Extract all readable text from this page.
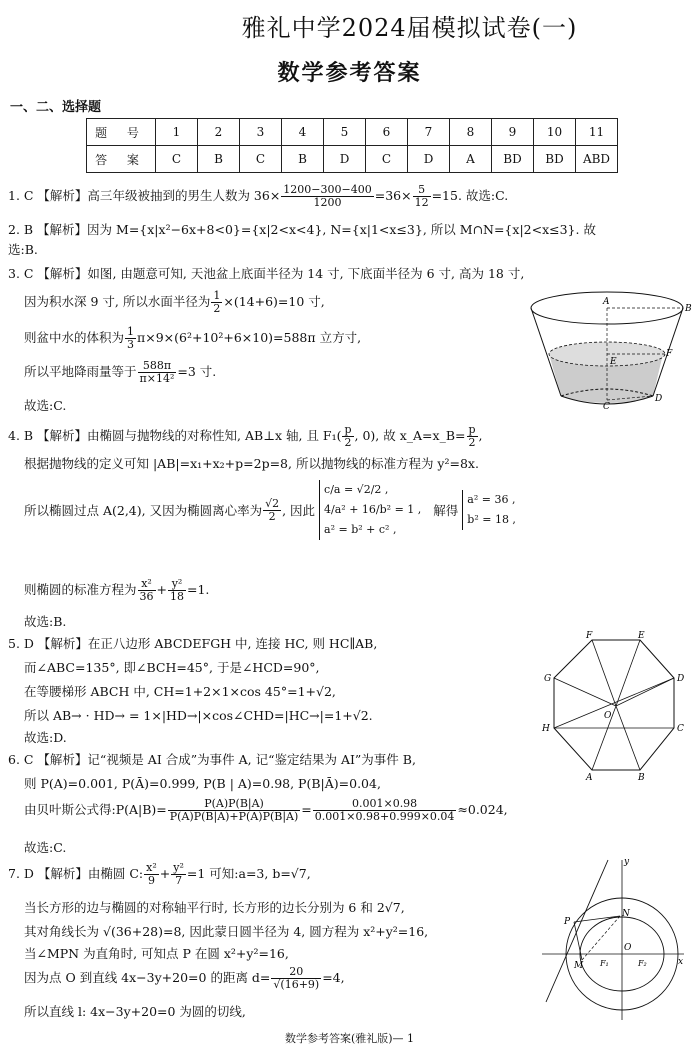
雅礼中学2024届模拟试卷(一)
数学参考答案
一、二、选择题
题 号	1	2	3	4	5	6	7	8	9	10	11
答 案	C	B	C	B	D	C	D	A	BD	BD	ABD
1. C 【解析】高三年级被抽到的男生人数为 $36\times \frac{1200-300-400}{1200} =36\times \frac{5}{12} =15$. 故选:C.
2. B 【解析】因为 M={x|x²−6x+8<0}={x|2<x<4}, N={x|1<x≤3}, 所以 M∩N={x|2<x≤3}. 故
选:B.
3. C 【解析】如图, 由题意可知, 天池盆上底面半径为 14 寸, 下底面半径为 6 寸, 高为 18 寸,
因为积水深 9 寸, 所以水面半径为 $\frac{1}{2} \times(14+6)=10$ 寸,
则盆中水的体积为 $\frac{1}{3} \pi\times 9\times(6^2+10^2+6\times 10)=588\pi$ 立方寸,
所以平地降雨量等于 $\frac{588\pi}{\text{π×14²}} =3$ 寸.
故选:C.
A
B
E
F
C
D
4. B 【解析】由椭圆与抛物线的对称性知, AB⊥x 轴, 且 $F_1( \frac{p}{2}$ , 0), 故 x_A=x_B= $\frac{p}{2}$ ,
根据抛物线的定义可知 |AB|=x₁+x₂+p=2p=8, 所以抛物线的标准方程为 y²=8x.
所以椭圆过点 A(2,4), 又因为椭圆离心率为 $\frac{√2}{2}$ , 因此
c/a = √2/2 ,
4/a² + 16/b² = 1 ,
a² = b² + c² ,
解得
a² = 36 ,
b² = 18 ,
则椭圆的标准方程为 $\frac{\text{x²}}{36} + \frac{\text{y²}}{18} =1$.
故选:B.
5. D 【解析】在正八边形 ABCDEFGH 中, 连接 HC, 则 HC∥AB,
而∠ABC=135°, 即∠BCH=45°, 于是∠HCD=90°,
在等腰梯形 ABCH 中, CH=1+2×1×cos 45°=1+√2,
所以 AB→ · HD→ = 1×|HD→|×cos∠CHD=|HC→|=1+√2.
故选:D.
F	E
G	D
O
H	C
A	B
6. C 【解析】记“视频是 AI 合成”为事件 A, 记“鉴定结果为 AI”为事件 B,
则 P(A)=0.001, P(Ā)=0.999, P(B | A)=0.98, P(B|Ā)=0.04,
由贝叶斯公式得:P(A|B)= $\frac{P(A)P(B|A)}{P(A)P(B|A)+P(Ā)P(B|Ā)} = \frac{0.001\times 0.98}{0.001\times 0.98+0.999\times 0.04} \approx 0.024$,
故选:C.
7. D 【解析】由椭圆 C: $\frac{\text{x²}}{9} + \frac{\text{y²}}{7} =1$ 可知:a=3, b=√7,
当长方形的边与椭圆的对称轴平行时, 长方形的边长分别为 6 和 2√7,
其对角线长为 √(36+28)=8, 因此蒙日圆半径为 4, 圆方程为 x²+y²=16,
当∠MPN 为直角时, 可知点 P 在圆 x²+y²=16,
因为点 O 到直线 4x−3y+20=0 的距离 $d= \frac{20}{√(16+9)} =4$,
所以直线 l: 4x−3y+20=0 为圆的切线,
y
x
P
N
M
O
F₁	F₂
数学参考答案(雅礼版)— 1
